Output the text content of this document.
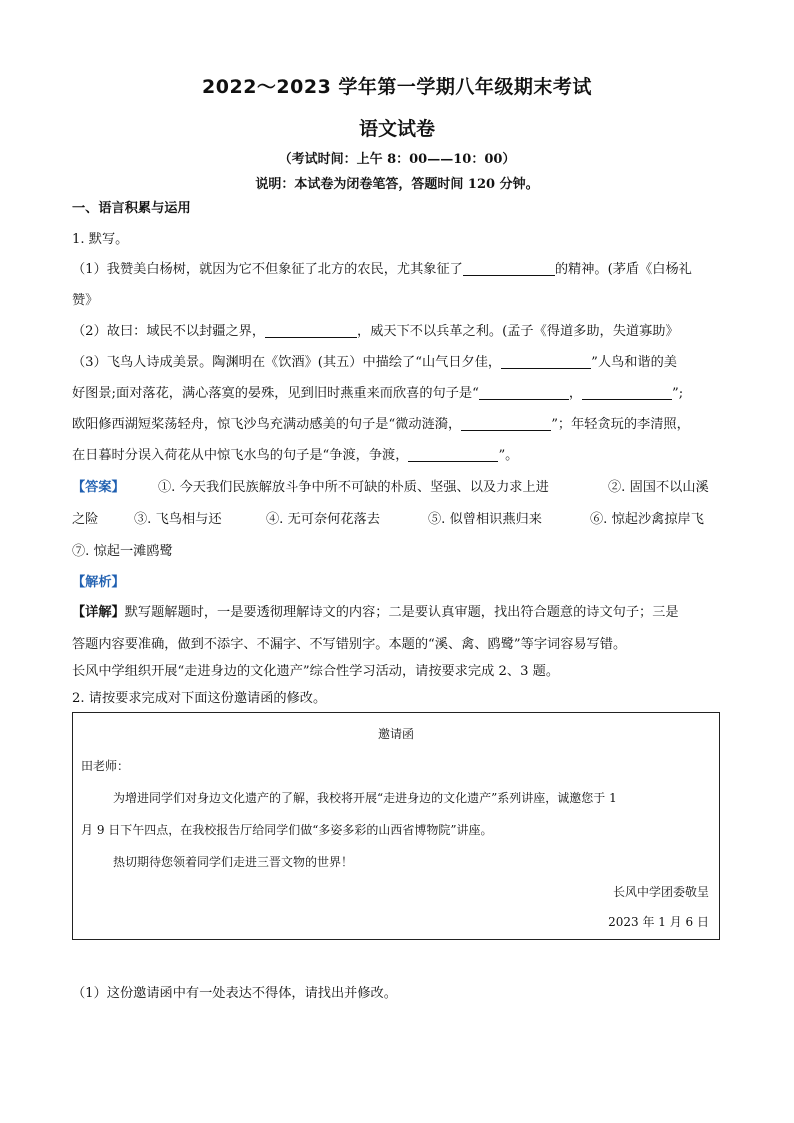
2022～2023 学年第一学期八年级期末考试
语文试卷
（考试时间：上午 8：00——10：00）
说明：本试卷为闭卷笔答，答题时间 120 分钟。
一、语言积累与运用
1. 默写。
（1）我赞美白杨树，就因为它不但象征了北方的农民，尤其象征了	的精神。(茅盾《白杨礼
赞》
（2）故曰：域民不以封疆之界，	，威天下不以兵革之利。(孟子《得道多助，失道寡助》
（3）飞鸟人诗成美景。陶渊明在《饮酒》(其五）中描绘了“山气日夕佳，	”人鸟和谐的美
好图景;面对落花，满心落寞的晏殊，见到旧时燕重来而欣喜的句子是“	，	”;
欧阳修西湖短桨荡轻舟，惊飞沙鸟充满动感美的句子是“微动涟漪，	”；年轻贪玩的李清照，
在日暮时分误入荷花从中惊飞水鸟的句子是“争渡，争渡，	”。
【答案】	①. 今天我们民族解放斗争中所不可缺的朴质、坚强、以及力求上进	②. 固国不以山溪
之险	③. 飞鸟相与还	④. 无可奈何花落去	⑤. 似曾相识燕归来	⑥. 惊起沙禽掠岸飞
⑦. 惊起一滩鸥鹭
【解析】
【详解】默写题解题时，一是要透彻理解诗文的内容；二是要认真审题，找出符合题意的诗文句子；三是
答题内容要准确，做到不添字、不漏字、不写错别字。本题的“溪、禽、鸥鹭”等字词容易写错。
长风中学组织开展“走进身边的文化遗产”综合性学习活动，请按要求完成 2、3 题。
2. 请按要求完成对下面这份邀请函的修改。
邀请函
田老师：
为增进同学们对身边文化遗产的了解，我校将开展“走进身边的文化遗产”系列讲座，诚邀您于 1
月 9 日下午四点，在我校报告厅给同学们做“多姿多彩的山西省博物院”讲座。
热切期待您领着同学们走进三晋文物的世界！
长风中学团委敬呈
2023 年 1 月 6 日
（1）这份邀请函中有一处表达不得体，请找出并修改。
